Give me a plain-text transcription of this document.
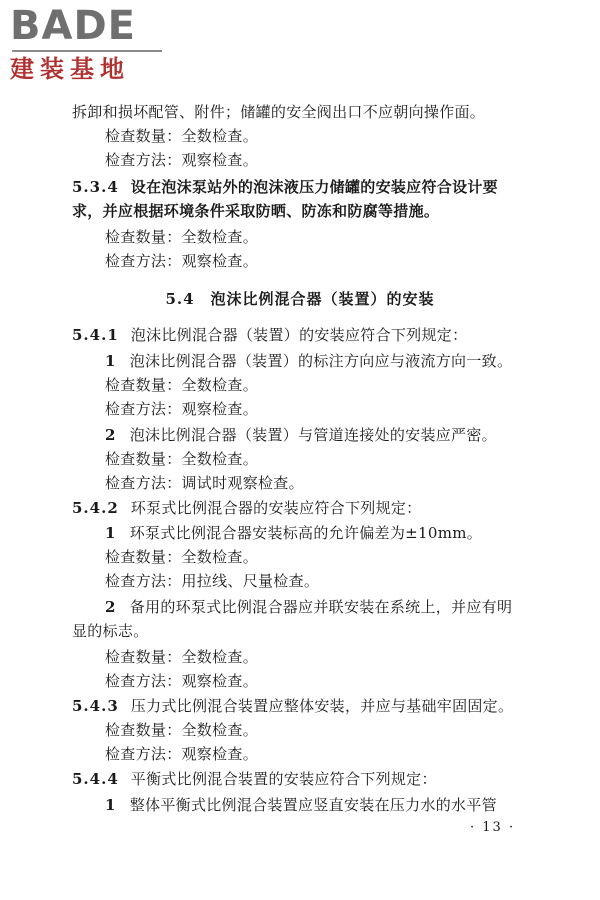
BADE
建装基地
拆卸和损坏配管、附件；储罐的安全阀出口不应朝向操作面。
检查数量：全数检查。
检查方法：观察检查。
5.3.4 设在泡沫泵站外的泡沫液压力储罐的安装应符合设计要
求，并应根据环境条件采取防晒、防冻和防腐等措施。
检查数量：全数检查。
检查方法：观察检查。
5.4　泡沫比例混合器（装置）的安装
5.4.1 泡沫比例混合器（装置）的安装应符合下列规定：
1 泡沫比例混合器（装置）的标注方向应与液流方向一致。
检查数量：全数检查。
检查方法：观察检查。
2 泡沫比例混合器（装置）与管道连接处的安装应严密。
检查数量：全数检查。
检查方法：调试时观察检查。
5.4.2 环泵式比例混合器的安装应符合下列规定：
1 环泵式比例混合器安装标高的允许偏差为±10mm。
检查数量：全数检查。
检查方法：用拉线、尺量检查。
2 备用的环泵式比例混合器应并联安装在系统上，并应有明
显的标志。
检查数量：全数检查。
检查方法：观察检查。
5.4.3 压力式比例混合装置应整体安装，并应与基础牢固固定。
检查数量：全数检查。
检查方法：观察检查。
5.4.4 平衡式比例混合装置的安装应符合下列规定：
1 整体平衡式比例混合装置应竖直安装在压力水的水平管
· 13 ·
